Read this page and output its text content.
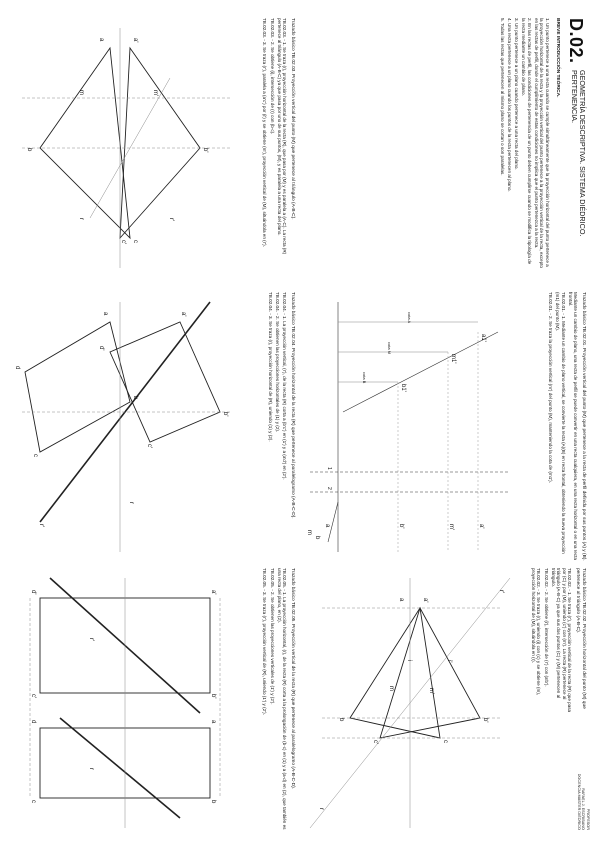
D.02.

GEOMETRÍA DESCRIPTIVA. SISTEMA DIÉDRICO.

PERTENENCIA.

BREVE INTRODUCCIÓN TEÓRICA.

PROFESOR
RAFAEL J. ESCRIBANO
DOCENCIA MÁSTER DIÉDRICO

1. Un punto pertenece a una recta cuando se cumple simultáneamente que la proyección horizontal del punto pertenece a la proyección horizontal de la recta y la proyección vertical del punto pertenece a la proyección vertical de la recta, excepto en las rectas de perfil, donde el cumplimiento de estas condiciones no implica que el punto pertenezca a la recta.

2. En las rectas de perfil, las condiciones de pertenencia de un punto deben cumplirse cuando se modifica la tipología de la recta mediante un cambio de plano.

3. Un punto pertenece a un plano cuando pertenece a una recta del plano.

4. Una recta pertenece a un plano cuando los puntos de la recta pertenecen al plano.

5. Todas las rectas que pertenecen al mismo plano se cortan o son paralelas.

Trazado básico TB.02.01. Proyección vertical del punto (M) que pertenece a la recta de perfil definida por sus puntos (A) y (B).

Mediante un cambio de plano, una recta de perfil se puede convertir en una recta cualquiera, en una recta horizontal o en una recta frontal.

TB.02.01. - 1. Mediante un cambio de plano vertical, se convierte la recta (A)(B) en recta frontal, obteniendo la nueva proyección (m1) del punto (M).

TB.02.01. - 2. Se traza la proyección vertical (m') del punto (M), manteniendo la cota de (m1').

a'
m'
b'
a
b
m
a1'
m1'
b1'
cota A
cota M
cota B
1
2

Trazado básico TB.02.02. Proyección horizontal del punto (M) que pertenece al triángulo (A-B-C).

TB.02.02. - 1. Se traza (r'), proyección vertical de la recta (R) que pasa por (C) y por (M), uniendo (c') con (m'). La recta (R) pertenece al triángulo (A-B-C) ya que sus dos puntos (C) y (M) pertenecen al triángulo.

TB.02.02. - 2. Se obtiene (i'), intersección de (r') con (a'b').

TB.02.02. - 3. Se traza (r), uniendo (i) con (c) y se obtiene (m), proyección horizontal de (M), situándola en (r).

a'
b'
c'
m'
a
b
c
m
i	i'
r
r'

Trazado básico TB.02.03. Proyección vertical del punto (M) que pertenece al triángulo (A-B-C).

TB.02.03. - 1. Se traza (r), proyección horizontal de la recta (R), que pasa por (M) y es paralela a (A-C). La recta (R) pertenece al triángulo (A-B-C) ya que pasa por uno de sus puntos, (M), y es paralela a una recta del plano.

TB.02.03. - 2. Se obtiene (i), intersección de (r) con (b-c).

TB.02.03. - 3. Se traza (r'), paralela a (a'c') por (i') y se obtiene (m'), proyección vertical de (M), situándola en (r').

a'
b'
c'
m'
a
b
c
m
r	r'

Trazado básico TB.02.04. Proyección horizontal de la recta (R) que pertenece al paralelogramo (A-B-C-D).

TB.02.04. - 1. La proyección vertical, (r'), de la recta (R) corta a (b'c') en (1') y a (a'd') en (2').

TB.02.04. - 2. Se obtienen las proyecciones horizontales de (1) y (2).

TB.02.04. - 3. Se traza (r), proyección horizontal de (R), uniendo (1) y (2).

a'
b'
c'
d'
a
b
c
d
r'
r

Trazado básico TB.02.05. Proyección vertical de la recta (R) que pertenece al paralelogramo (A-B-C-D).

TB.02.05. - 1. La proyección horizontal, (r), de la recta (R) corta a la prolongación de (b-c) en (1) y a (a-d) en (2), que también es una recta del plano, en (2).

TB.02.05. - 2. Se obtienen las proyecciones verticales de (1') y (2').

TB.02.05. - 3. Se traza (r'), proyección vertical de (R), uniendo (1') y (2').

a'
b'
c'
d'
a
b
c
d
r'
r
